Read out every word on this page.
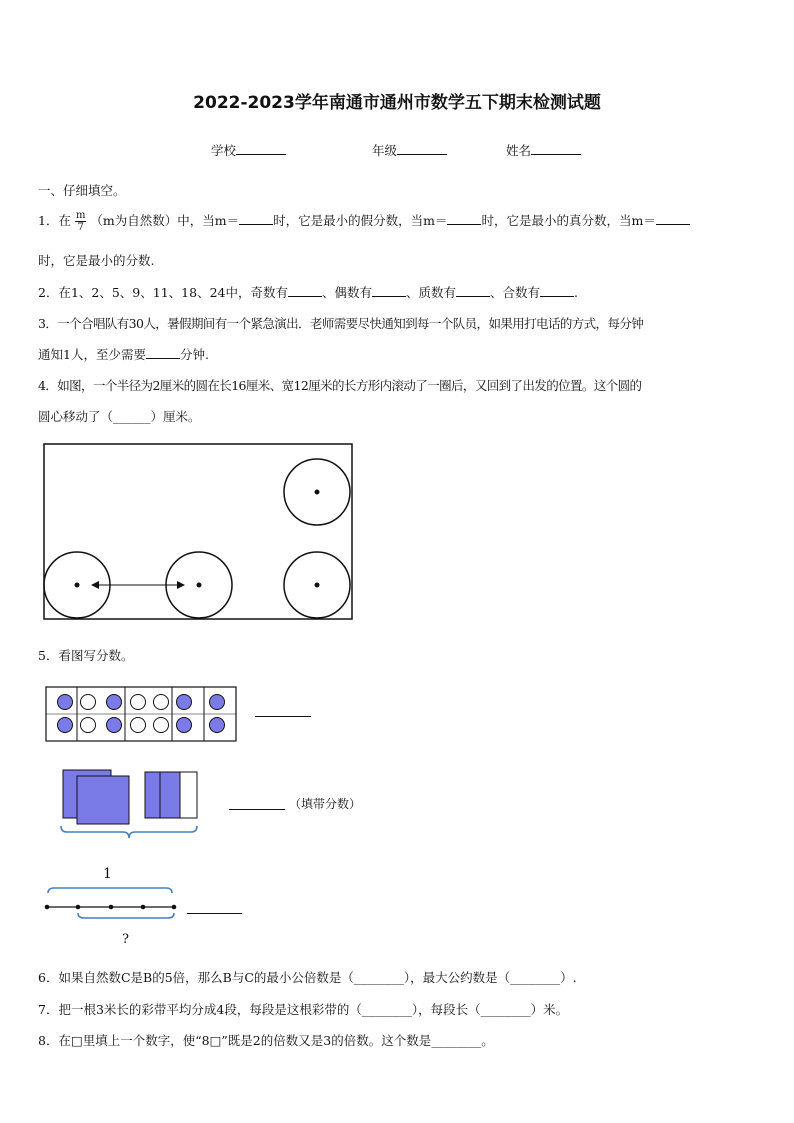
2022-2023学年南通市通州市数学五下期末检测试题
学校	年级	姓名
一、仔细填空。
1．在 $\frac{m}{7} (m$为自然数）中，当m＝	时，它是最小的假分数，当m＝	时，它是最小的真分数，当m＝
时，它是最小的分数.
2．在1、2、5、9、11、18、24中，奇数有	、偶数有	、质数有	、合数有	.
3．一个合唱队有30人，暑假期间有一个紧急演出．老师需要尽快通知到每一个队员，如果用打电话的方式，每分钟
通知1人，至少需要	分钟.
4．如图，一个半径为2厘米的圆在长16厘米、宽12厘米的长方形内滚动了一圈后，又回到了出发的位置。这个圆的
圆心移动了（______）厘米。
5．看图写分数。
（填带分数）
1
?
6．如果自然数C是B的5倍，那么B与C的最小公倍数是（________），最大公约数是（________）.
7．把一根3米长的彩带平均分成4段，每段是这根彩带的（________），每段长（________）米。
8．在□里填上一个数字，使“8□”既是2的倍数又是3的倍数。这个数是________。
